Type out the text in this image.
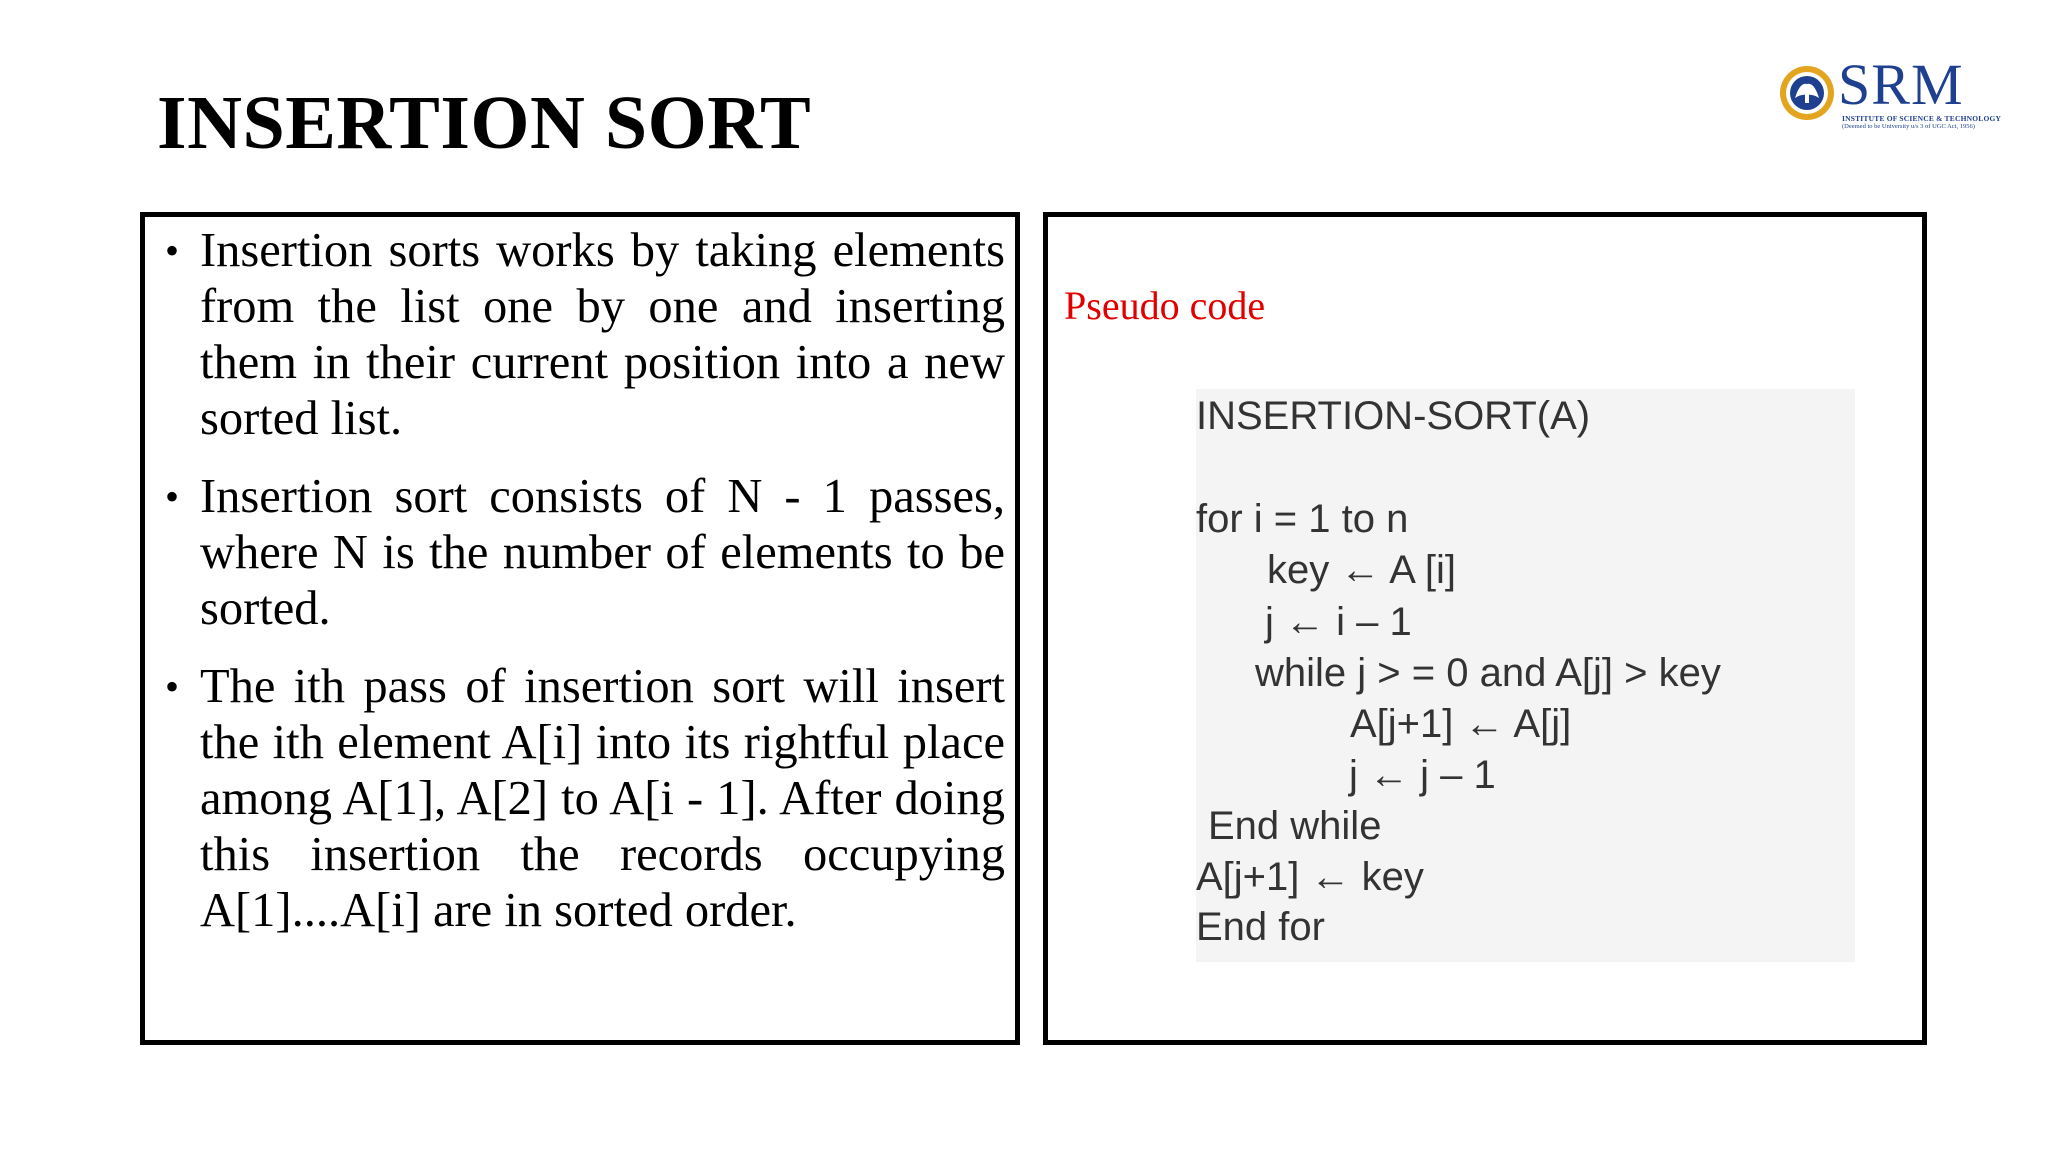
INSERTION SORT	SRM
INSTITUTE OF SCIENCE & TECHNOLOGY
(Deemed to be University u/s 3 of UGC Act, 1956)
• Insertion sorts works by taking elements from the list one by one and inserting them in their current position into a new sorted list.
• Insertion sort consists of N - 1 passes, where N is the number of elements to be sorted.
• The ith pass of insertion sort will insert the ith element A[i] into its rightful place among A[1], A[2] to A[i - 1]. After doing this insertion the records occupying A[1]....A[i] are in sorted order.
Pseudo code
INSERTION-SORT(A)
for i = 1 to n
key ← A [i]
j ← i – 1
while j > = 0 and A[j] > key
A[j+1] ← A[j]
j ← j – 1
End while
A[j+1] ← key
End for
